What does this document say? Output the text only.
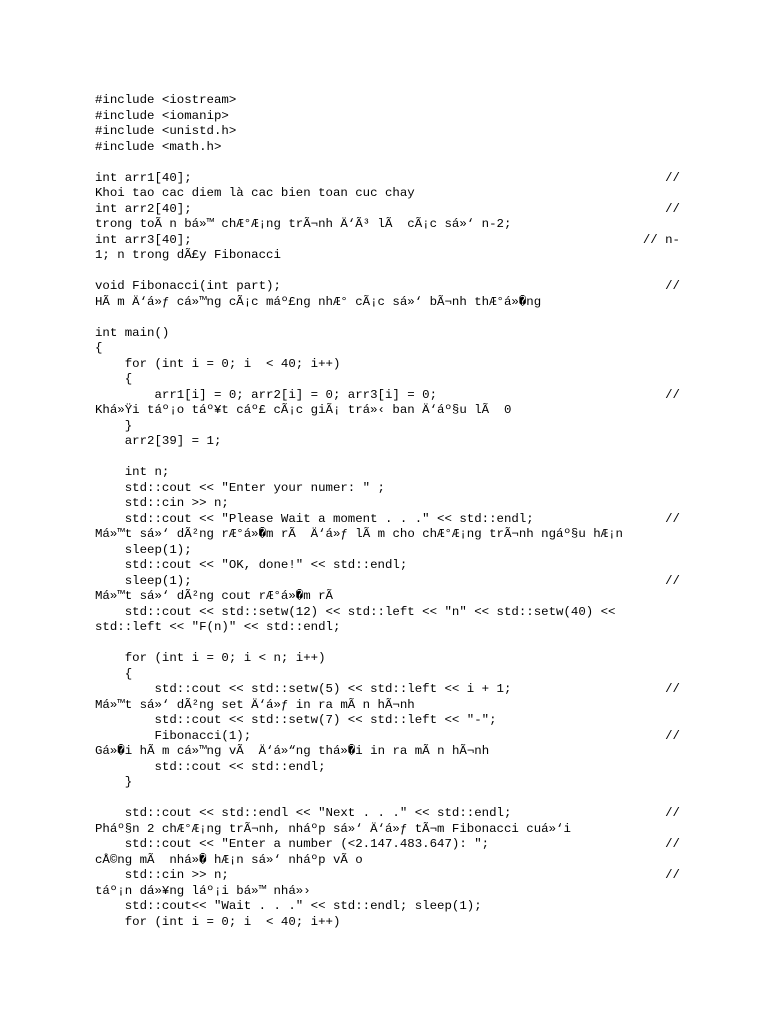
#include <iostream>
#include <iomanip>
#include <unistd.h>
#include <math.h>
int arr1[40];	//
Khoi tao cac diem là cac bien toan cuc chay
int arr2[40];	//
trong toÃ n bá»™ chÆ°Æ¡ng trÃ¬nh Ä‘Ã³ lÃ  cÃ¡c sá»‘ n-2;
int arr3[40];	// n-
1; n trong dÃ£y Fibonacci
void Fibonacci(int part);	//
HÃ m Ä‘á»ƒ cá»™ng cÃ¡c máº£ng nhÆ° cÃ¡c sá»‘ bÃ¬nh thÆ°á»�ng
int main()
{
for (int i = 0; i  < 40; i++)
{
arr1[i] = 0; arr2[i] = 0; arr3[i] = 0;	//
Khá»Ÿi táº¡o táº¥t cáº£ cÃ¡c giÃ¡ trá»‹ ban Ä‘áº§u lÃ  0
}
arr2[39] = 1;
int n;
std::cout << "Enter your numer: " ;
std::cin >> n;
std::cout << "Please Wait a moment . . ." << std::endl;	//
Má»™t sá»‘ dÃ²ng rÆ°á»�m rÃ  Ä‘á»ƒ lÃ m cho chÆ°Æ¡ng trÃ¬nh ngáº§u hÆ¡n
sleep(1);
std::cout << "OK, done!" << std::endl;
sleep(1);	//
Má»™t sá»‘ dÃ²ng cout rÆ°á»�m rÃ
std::cout << std::setw(12) << std::left << "n" << std::setw(40) <<
std::left << "F(n)" << std::endl;
for (int i = 0; i < n; i++)
{
std::cout << std::setw(5) << std::left << i + 1;	//
Má»™t sá»‘ dÃ²ng set Ä‘á»ƒ in ra mÃ n hÃ¬nh
std::cout << std::setw(7) << std::left << "-";
Fibonacci(1);	//
Gá»�i hÃ m cá»™ng vÃ  Ä‘á»“ng thá»�i in ra mÃ n hÃ¬nh
std::cout << std::endl;
}
std::cout << std::endl << "Next . . ." << std::endl;	//
Pháº§n 2 chÆ°Æ¡ng trÃ¬nh, nháºp sá»‘ Ä‘á»ƒ tÃ¬m Fibonacci cuá»‘i
std::cout << "Enter a number (<2.147.483.647): ";	//
cÅ©ng mÃ  nhá»� hÆ¡n sá»‘ nháºp vÃ o
std::cin >> n;	//
táº¡n dá»¥ng láº¡i bá»™ nhá»›
std::cout<< "Wait . . ." << std::endl; sleep(1);
for (int i = 0; i  < 40; i++)
